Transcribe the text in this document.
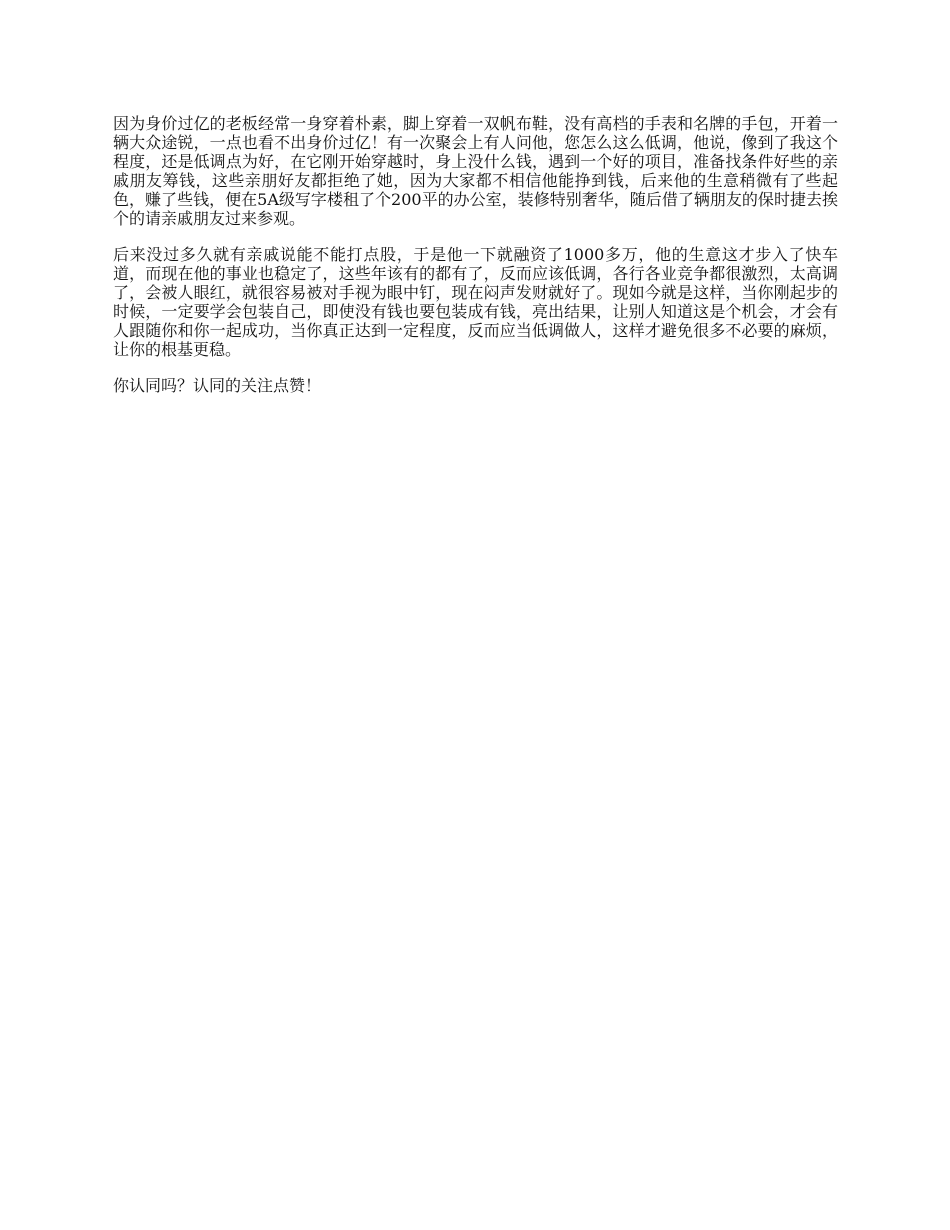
因为身价过亿的老板经常一身穿着朴素，脚上穿着一双帆布鞋，没有高档的手表和名牌的手包，开着一辆大众途锐，一点也看不出身价过亿！有一次聚会上有人问他，您怎么这么低调，他说，像到了我这个程度，还是低调点为好，在它刚开始穿越时，身上没什么钱，遇到一个好的项目，准备找条件好些的亲戚朋友筹钱，这些亲朋好友都拒绝了她，因为大家都不相信他能挣到钱，后来他的生意稍微有了些起色，赚了些钱，便在5A级写字楼租了个200平的办公室，装修特别奢华，随后借了辆朋友的保时捷去挨个的请亲戚朋友过来参观。

后来没过多久就有亲戚说能不能打点股，于是他一下就融资了1000多万，他的生意这才步入了快车道，而现在他的事业也稳定了，这些年该有的都有了，反而应该低调，各行各业竞争都很激烈，太高调了，会被人眼红，就很容易被对手视为眼中钉，现在闷声发财就好了。现如今就是这样，当你刚起步的时候，一定要学会包装自己，即使没有钱也要包装成有钱，亮出结果，让别人知道这是个机会，才会有人跟随你和你一起成功，当你真正达到一定程度，反而应当低调做人，这样才避免很多不必要的麻烦，让你的根基更稳。

你认同吗？认同的关注点赞！
